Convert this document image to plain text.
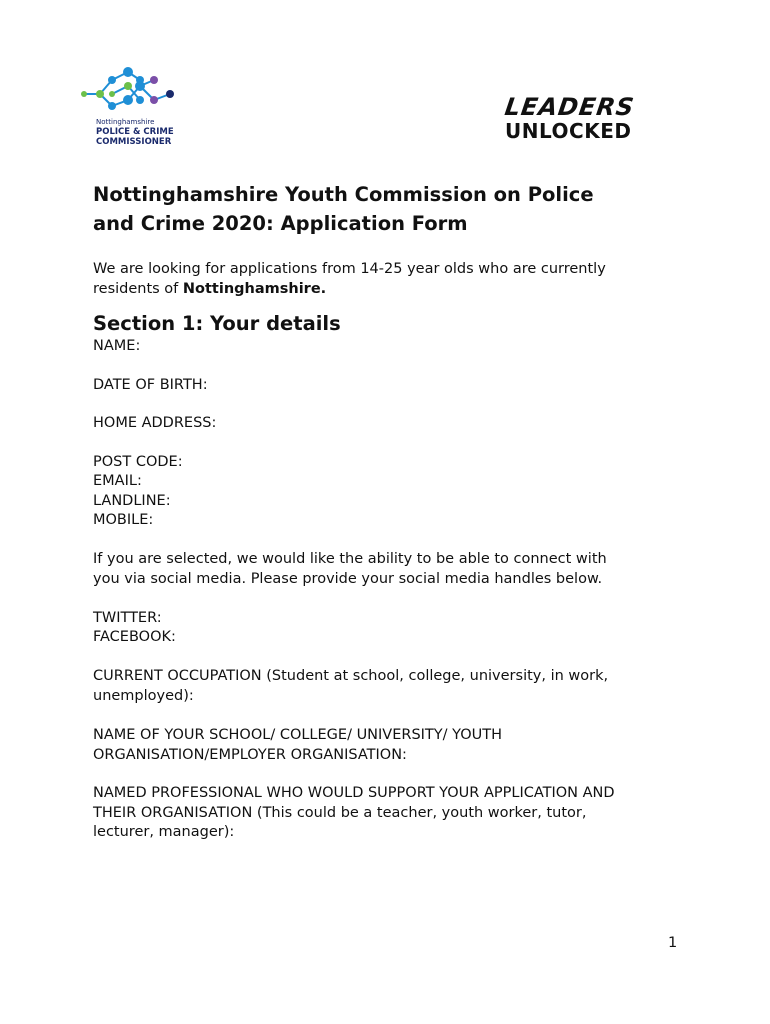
Nottinghamshire
POLICE & CRIME
COMMISSIONER
LEADERS
UNLOCKED
Nottinghamshire Youth Commission on Police
and Crime 2020: Application Form

We are looking for applications from 14-25 year olds who are currently
residents of Nottinghamshire.

Section 1: Your details

NAME:

DATE OF BIRTH:

HOME ADDRESS:

POST CODE:

EMAIL:

LANDLINE:

MOBILE:

If you are selected, we would like the ability to be able to connect with
you via social media. Please provide your social media handles below.

TWITTER:

FACEBOOK:

CURRENT OCCUPATION (Student at school, college, university, in work,
unemployed):

NAME OF YOUR SCHOOL/ COLLEGE/ UNIVERSITY/ YOUTH
ORGANISATION/EMPLOYER ORGANISATION:

NAMED PROFESSIONAL WHO WOULD SUPPORT YOUR APPLICATION AND
THEIR ORGANISATION (This could be a teacher, youth worker, tutor,
lecturer, manager):

1
